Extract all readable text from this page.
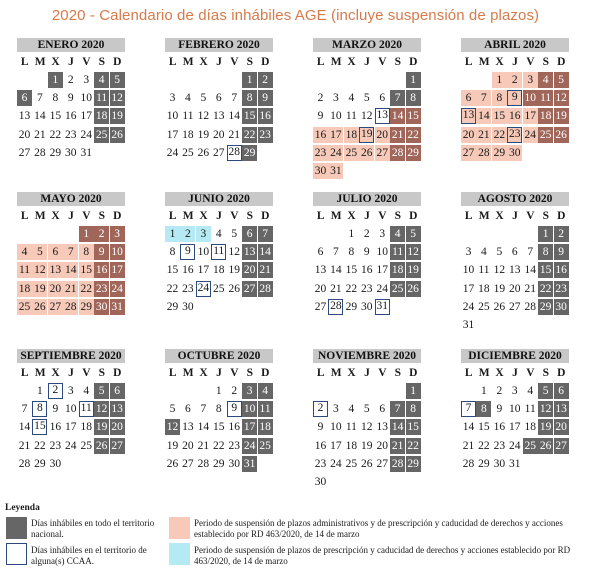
2020 - Calendario de días inhábiles AGE (incluye suspensión de plazos)
ENERO 2020
L M X J V S D
1 2 3 4 5
6 7 8 9 10 11 12
13 14 15 16 17 18 19
20 21 22 23 24 25 26
27 28 29 30 31
FEBRERO 2020
L M X J V S D
1 2
3 4 5 6 7 8 9
10 11 12 13 14 15 16
17 18 19 20 21 22 23
24 25 26 27 28 29
MARZO 2020
L M X J V S D
1
2 3 4 5 6 7 8
9 10 11 12 13 14 15
16 17 18 19 20 21 22
23 24 25 26 27 28 29
30 31
ABRIL 2020
L M X J V S D
1 2 3 4 5
6 7 8 9 10 11 12
13 14 15 16 17 18 19
20 21 22 23 24 25 26
27 28 29 30
MAYO 2020
L M X J V S D
1 2 3
4 5 6 7 8 9 10
11 12 13 14 15 16 17
18 19 20 21 22 23 24
25 26 27 28 29 30 31
JUNIO 2020
L M X J V S D
1 2 3 4 5 6 7
8 9 10 11 12 13 14
15 16 17 18 19 20 21
22 23 24 25 26 27 28
29 30
JULIO 2020
L M X J V S D
1 2 3 4 5
6 7 8 9 10 11 12
13 14 15 16 17 18 19
20 21 22 23 24 25 26
27 28 29 30 31
AGOSTO 2020
L M X J V S D
1 2
3 4 5 6 7 8 9
10 11 12 13 14 15 16
17 18 19 20 21 22 23
24 25 26 27 28 29 30
31
SEPTIEMBRE 2020
L M X J V S D
1 2 3 4 5 6
7 8 9 10 11 12 13
14 15 16 17 18 19 20
21 22 23 24 25 26 27
28 29 30
OCTUBRE 2020
L M X J V S D
1 2 3 4
5 6 7 8 9 10 11
12 13 14 15 16 17 18
19 20 21 22 23 24 25
26 27 28 29 30 31
NOVIEMBRE 2020
L M X J V S D
1
2 3 4 5 6 7 8
9 10 11 12 13 14 15
16 17 18 19 20 21 22
23 24 25 26 27 28 29
30
DICIEMBRE 2020
L M X J V S D
1 2 3 4 5 6
7 8 9 10 11 12 13
14 15 16 17 18 19 20
21 22 23 24 25 26 27
28 29 30 31
Leyenda
Días inhábiles en todo el territorio nacional.
Días inhábiles en el territorio de alguna(s) CCAA.
Periodo de suspensión de plazos administrativos y de prescripción y caducidad de derechos y acciones establecido por RD 463/2020, de 14 de marzo
Periodo de suspensión de plazos de prescripción y caducidad de derechos y acciones establecido por RD 463/2020, de 14 de marzo
